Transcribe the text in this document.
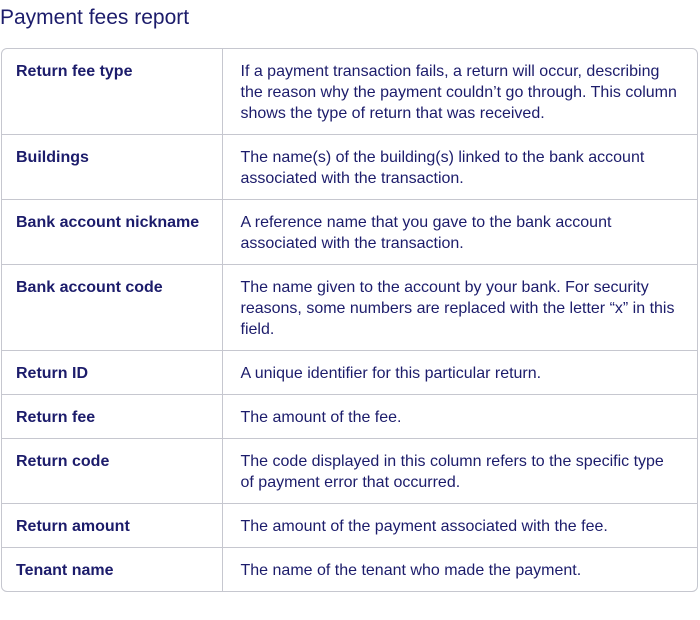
Payment fees report
Return fee type	If a payment transaction fails, a return will occur, describing the reason why the payment couldn’t go through. This column shows the type of return that was received.
Buildings	The name(s) of the building(s) linked to the bank account associated with the transaction.
Bank account nickname	A reference name that you gave to the bank account associated with the transaction.
Bank account code	The name given to the account by your bank. For security reasons, some numbers are replaced with the letter “x” in this field.
Return ID	A unique identifier for this particular return.
Return fee	The amount of the fee.
Return code	The code displayed in this column refers to the specific type of payment error that occurred.
Return amount	The amount of the payment associated with the fee.
Tenant name	The name of the tenant who made the payment.
